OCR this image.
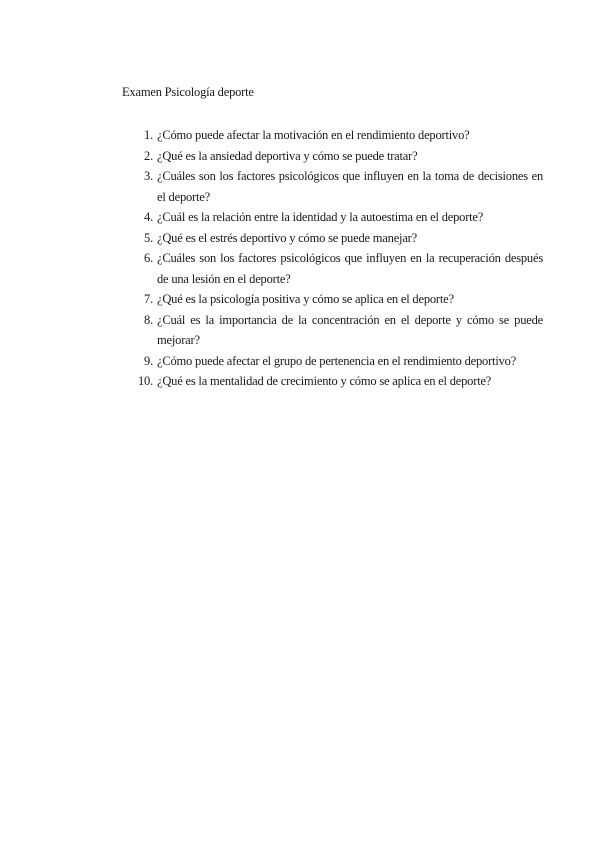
Examen Psicología deporte
1. ¿Cómo puede afectar la motivación en el rendimiento deportivo?
2. ¿Qué es la ansiedad deportiva y cómo se puede tratar?
3. ¿Cuáles son los factores psicológicos que influyen en la toma de decisiones en el deporte?
4. ¿Cuál es la relación entre la identidad y la autoestima en el deporte?
5. ¿Qué es el estrés deportivo y cómo se puede manejar?
6. ¿Cuáles son los factores psicológicos que influyen en la recuperación después de una lesión en el deporte?
7. ¿Qué es la psicología positiva y cómo se aplica en el deporte?
8. ¿Cuál es la importancia de la concentración en el deporte y cómo se puede mejorar?
9. ¿Cómo puede afectar el grupo de pertenencia en el rendimiento deportivo?
10. ¿Qué es la mentalidad de crecimiento y cómo se aplica en el deporte?
